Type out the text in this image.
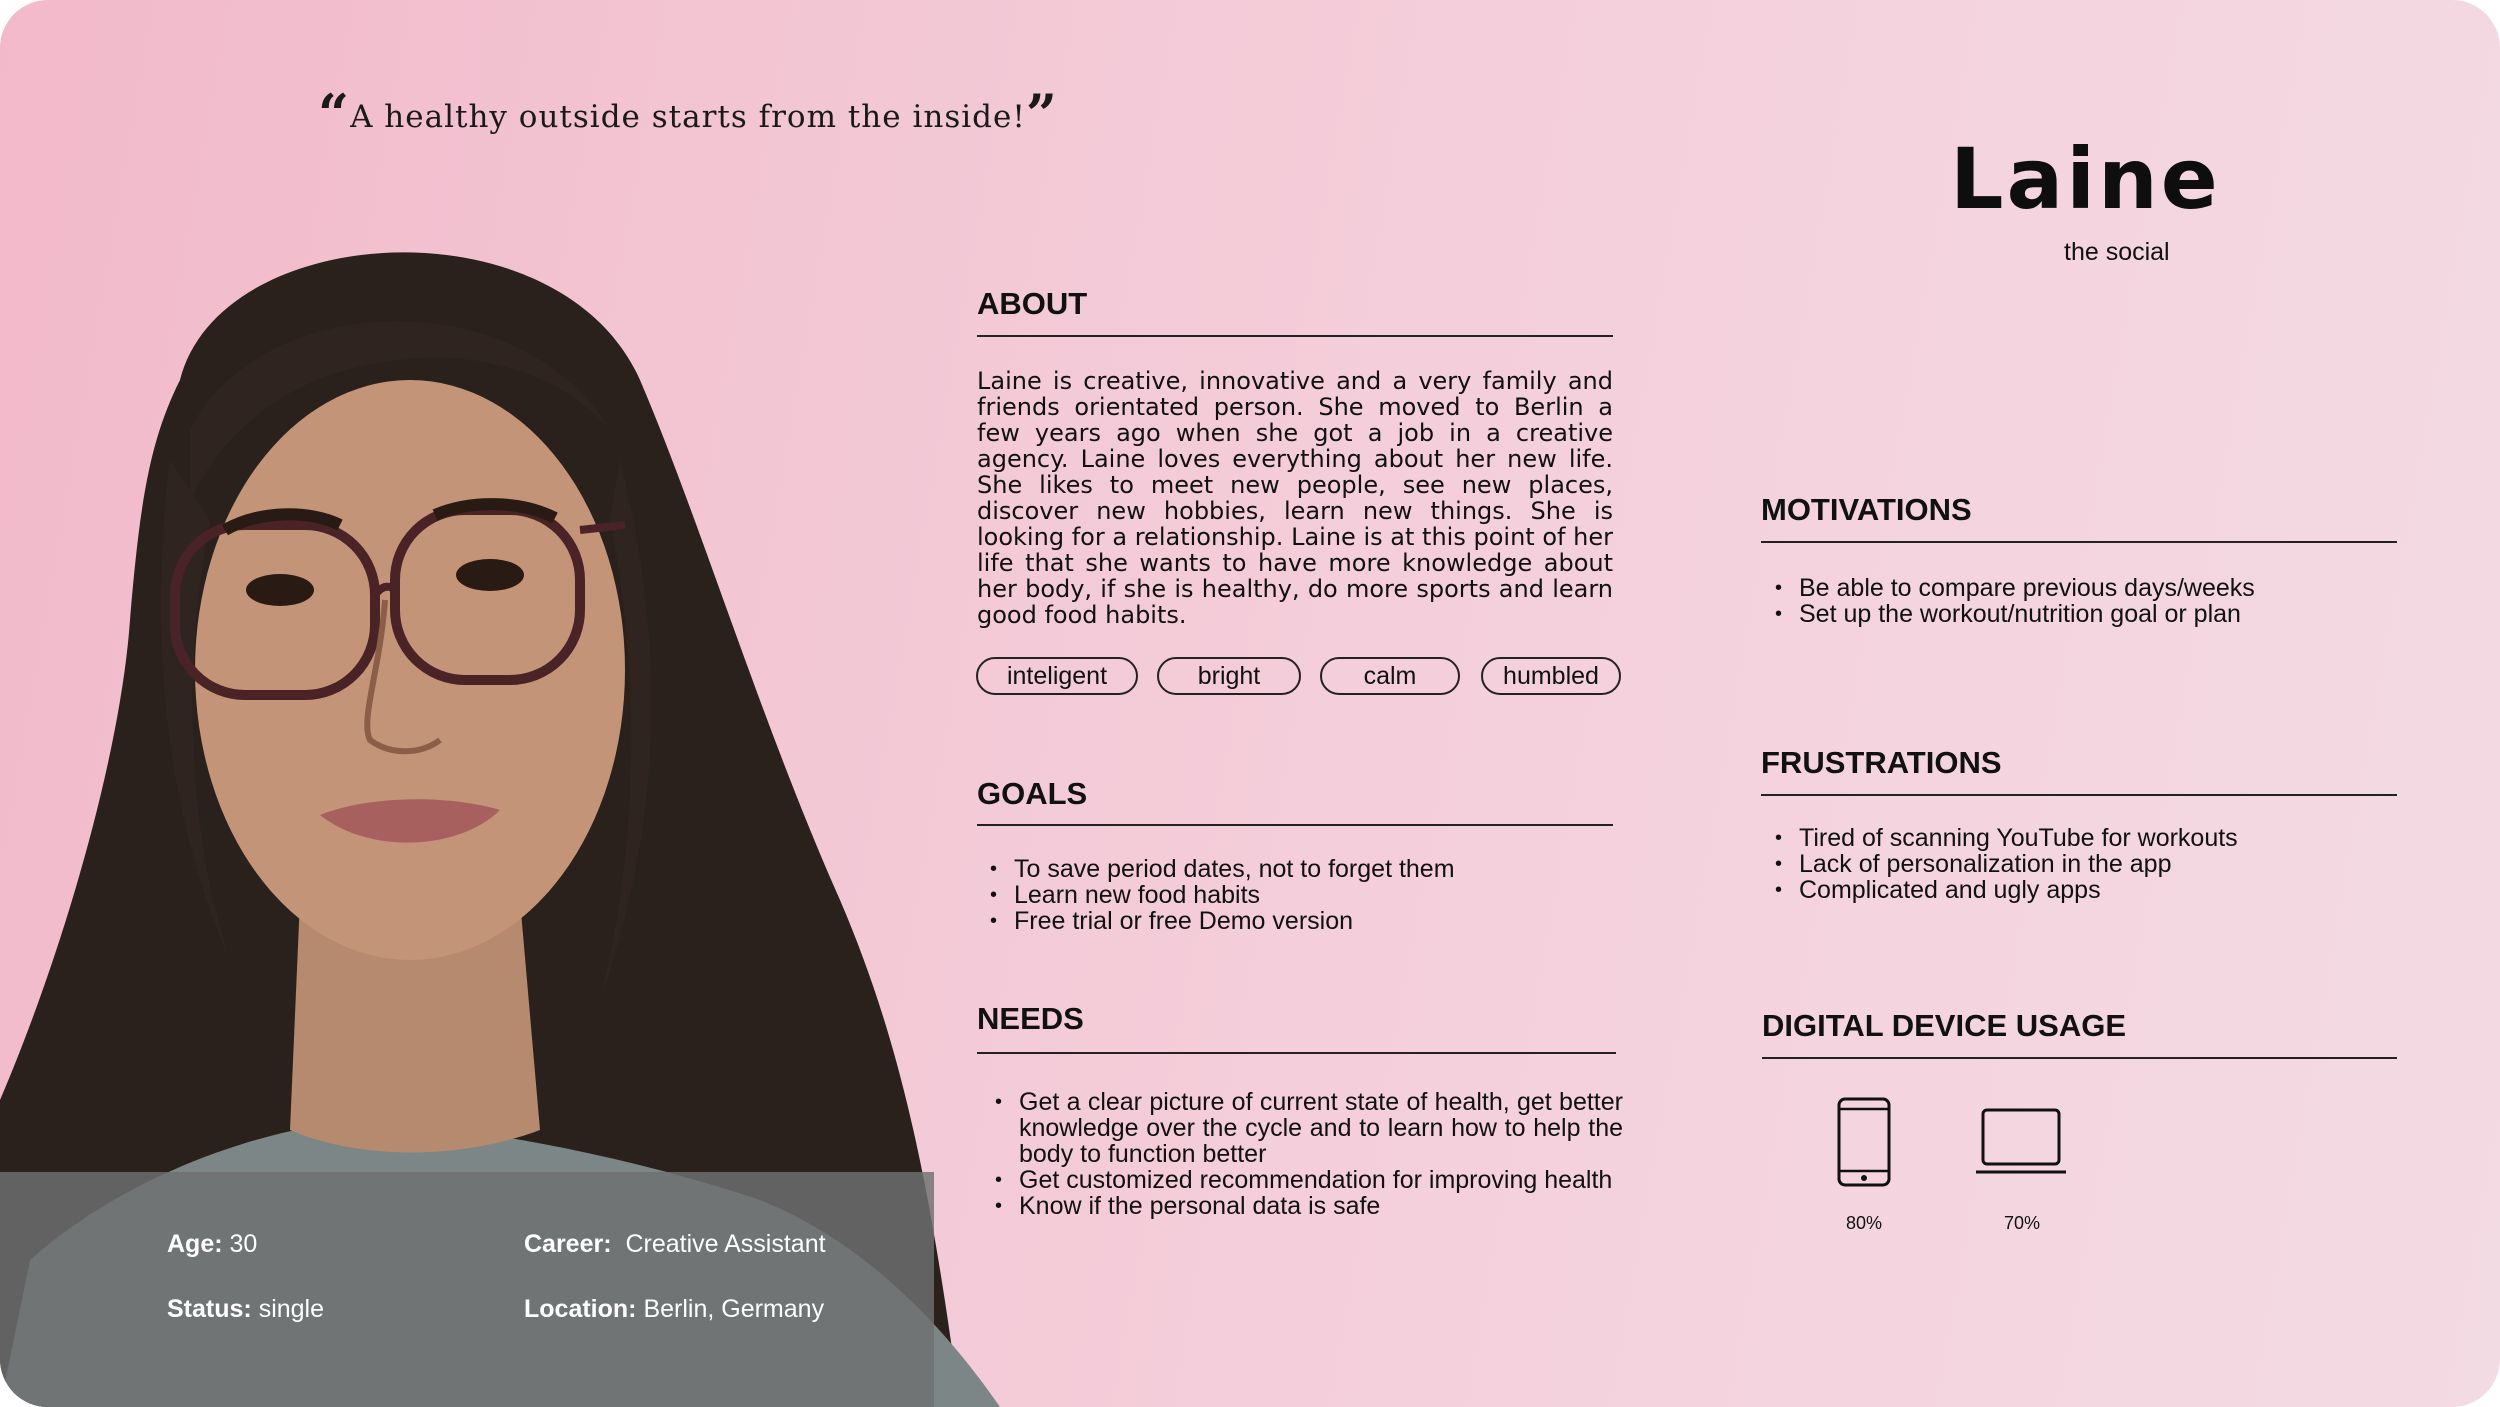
“A healthy outside starts from the inside!”
Age: 30
Status: single
Career: Creative Assistant
Location: Berlin, Germany
Laine
the social
ABOUT
Laine is creative, innovative and a very family and friends orientated person. She moved to Berlin a few years ago when she got a job in a creative agency. Laine loves everything about her new life. She likes to meet new people, see new places, discover new hobbies, learn new things. She is looking for a relationship. Laine is at this point of her life that she wants to have more knowledge about her body, if she is healthy, do more sports and learn good food habits.
inteligent	bright	calm	humbled
GOALS
• To save period dates, not to forget them
• Learn new food habits
• Free trial or free Demo version
NEEDS
• Get a clear picture of current state of health, get better knowledge over the cycle and to learn how to help the body to function better
• Get customized recommendation for improving health
• Know if the personal data is safe
MOTIVATIONS
• Be able to compare previous days/weeks
• Set up the workout/nutrition goal or plan
FRUSTRATIONS
• Tired of scanning YouTube for workouts
• Lack of personalization in the app
• Complicated and ugly apps
DIGITAL DEVICE USAGE
80%	70%
